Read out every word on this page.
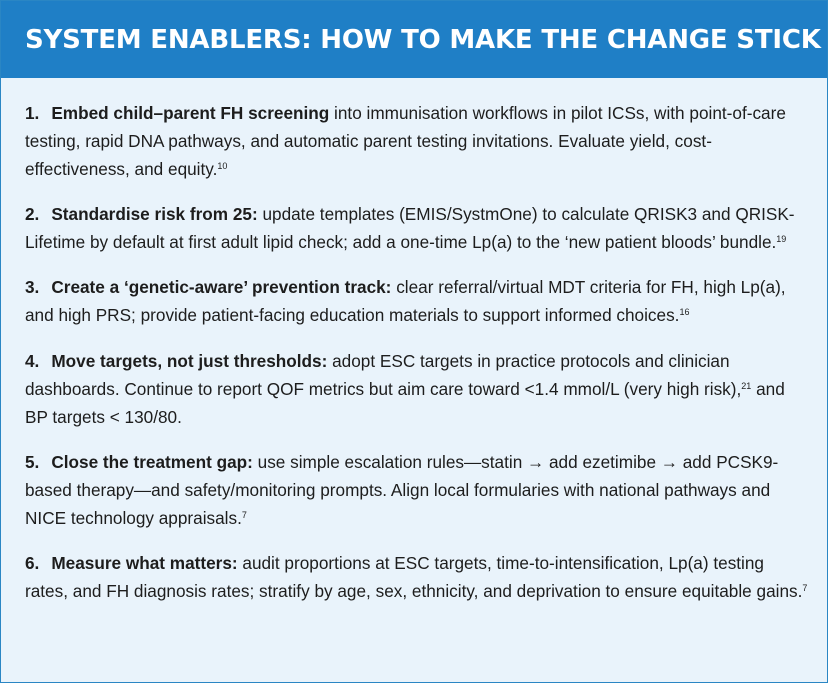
SYSTEM ENABLERS: HOW TO MAKE THE CHANGE STICK

1. Embed child–parent FH screening into immunisation workflows in pilot ICSs, with point-of-care testing, rapid DNA pathways, and automatic parent testing invitations. Evaluate yield, cost-effectiveness, and equity.$^{10}$

2. Standardise risk from 25: update templates (EMIS/SystmOne) to calculate QRISK3 and QRISK-Lifetime by default at first adult lipid check; add a one-time Lp(a) to the ‘new patient bloods’ bundle.$^{19}$

3. Create a ‘genetic-aware’ prevention track: clear referral/virtual MDT criteria for FH, high Lp(a), and high PRS; provide patient-facing education materials to support informed choices.$^{16}$

4. Move targets, not just thresholds: adopt ESC targets in practice protocols and clinician dashboards. Continue to report QOF metrics but aim care toward <1.4 mmol/L (very high risk),$^{21}$ and BP targets < 130/80.

5. Close the treatment gap: use simple escalation rules—statin → add ezetimibe → add PCSK9-based therapy—and safety/monitoring prompts. Align local formularies with national pathways and NICE technology appraisals.$^7$

6. Measure what matters: audit proportions at ESC targets, time-to-intensification, Lp(a) testing rates, and FH diagnosis rates; stratify by age, sex, ethnicity, and deprivation to ensure equitable gains.$^7$
